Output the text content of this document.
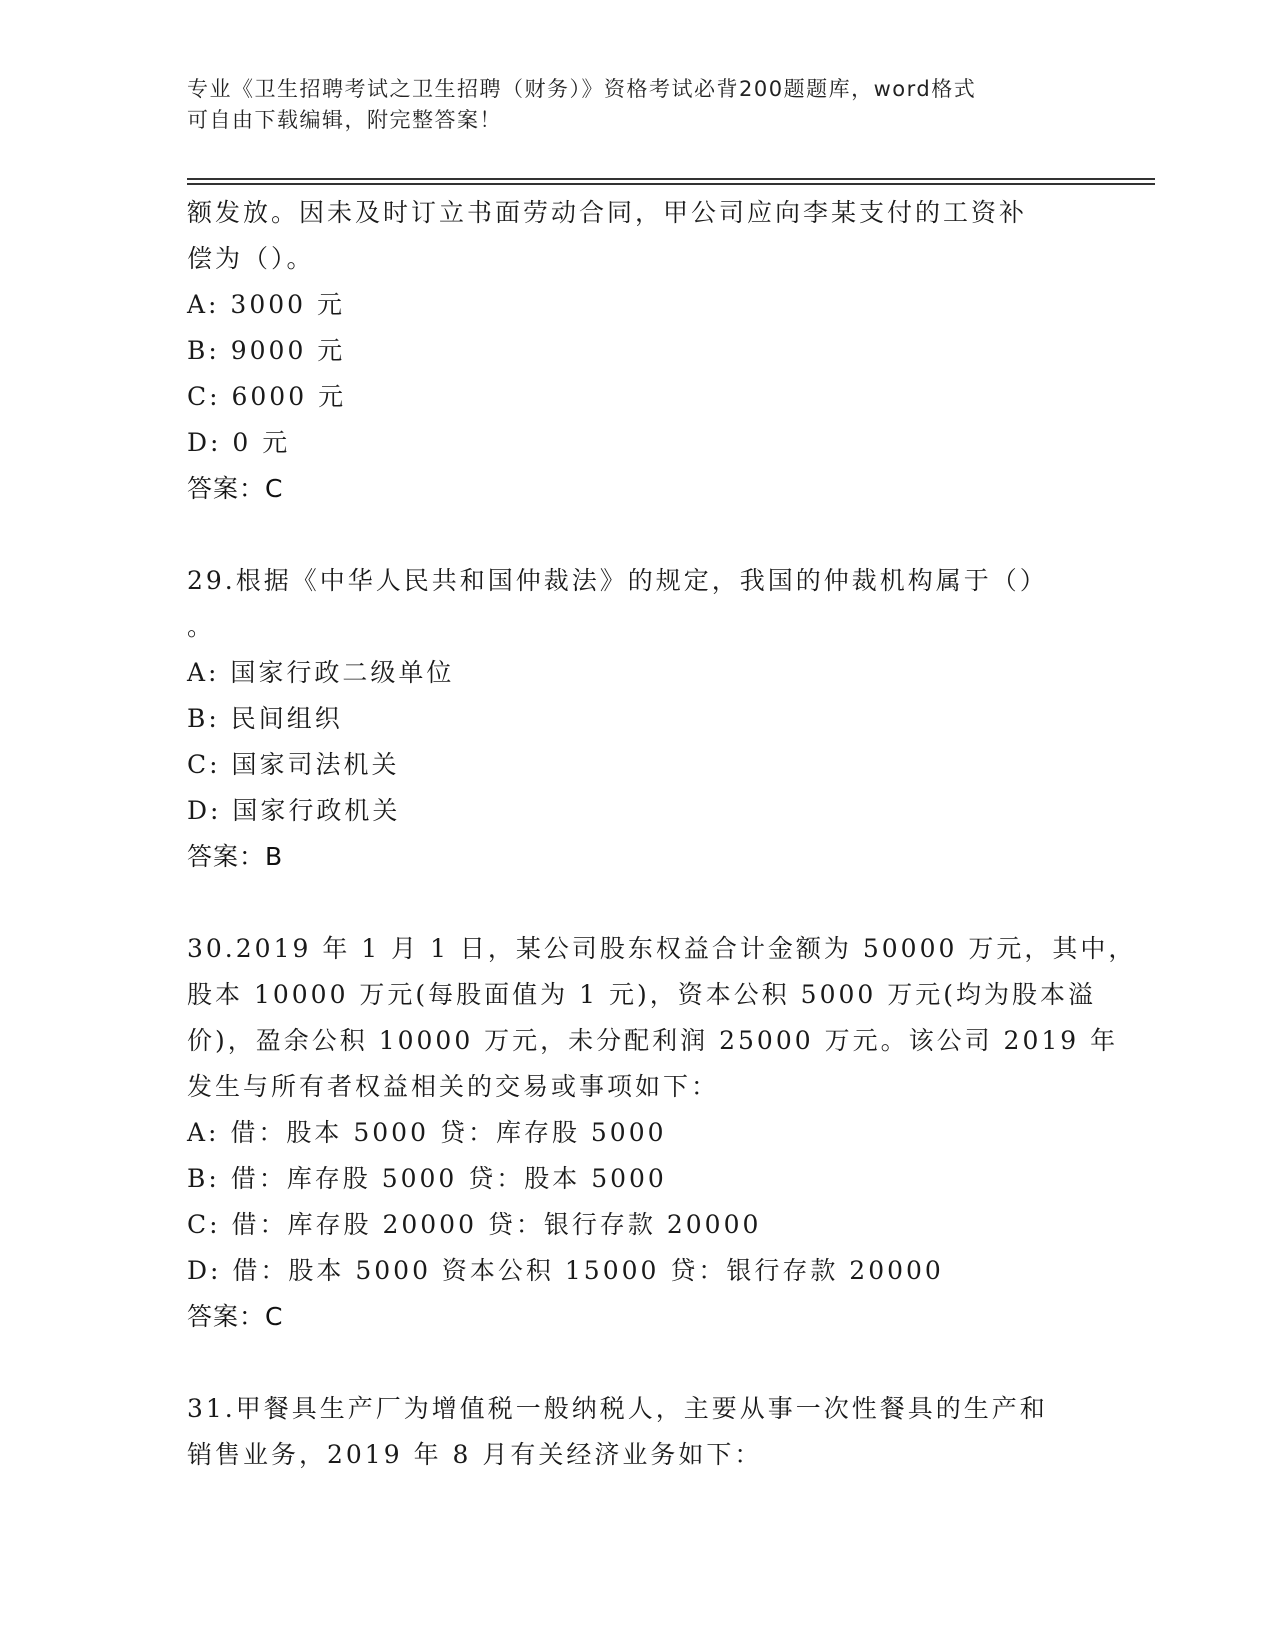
专业《卫生招聘考试之卫生招聘（财务）》资格考试必背200题题库，word格式
可自由下载编辑，附完整答案！
额发放。因未及时订立书面劳动合同，甲公司应向李某支付的工资补
偿为（）。
A: 3000 元
B: 9000 元
C: 6000 元
D: 0 元
答案：C
29.根据《中华人民共和国仲裁法》的规定，我国的仲裁机构属于（）
。
A: 国家行政二级单位
B: 民间组织
C: 国家司法机关
D: 国家行政机关
答案：B
30.2019 年 1 月 1 日，某公司股东权益合计金额为 50000 万元，其中，
股本 10000 万元(每股面值为 1 元)，资本公积 5000 万元(均为股本溢
价)，盈余公积 10000 万元，未分配利润 25000 万元。该公司 2019 年
发生与所有者权益相关的交易或事项如下：
A: 借：股本 5000 贷：库存股 5000
B: 借：库存股 5000 贷：股本 5000
C: 借：库存股 20000 贷：银行存款 20000
D: 借：股本 5000 资本公积 15000 贷：银行存款 20000
答案：C
31.甲餐具生产厂为增值税一般纳税人，主要从事一次性餐具的生产和
销售业务，2019 年 8 月有关经济业务如下：
